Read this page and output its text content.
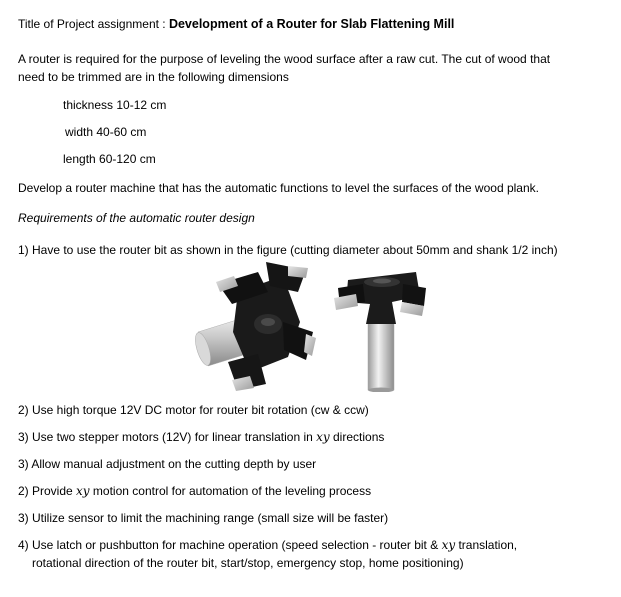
Title of Project assignment : Development of a Router for Slab Flattening Mill
A router is required for the purpose of leveling the wood surface after a raw cut. The cut of wood that
need to be trimmed are in the following dimensions
thickness 10-12 cm
width 40-60 cm
length 60-120 cm
Develop a router machine that has the automatic functions to level the surfaces of the wood plank.
Requirements of the automatic router design
1) Have to use the router bit as shown in the figure (cutting diameter about 50mm and shank 1/2 inch)
2) Use high torque 12V DC motor for router bit rotation (cw & ccw)
3) Use two stepper motors (12V) for linear translation in xy directions
3) Allow manual adjustment on the cutting depth by user
2) Provide xy motion control for automation of the leveling process
3) Utilize sensor to limit the machining range (small size will be faster)
4) Use latch or pushbutton for machine operation (speed selection - router bit & xy translation,
rotational direction of the router bit, start/stop, emergency stop, home positioning)
